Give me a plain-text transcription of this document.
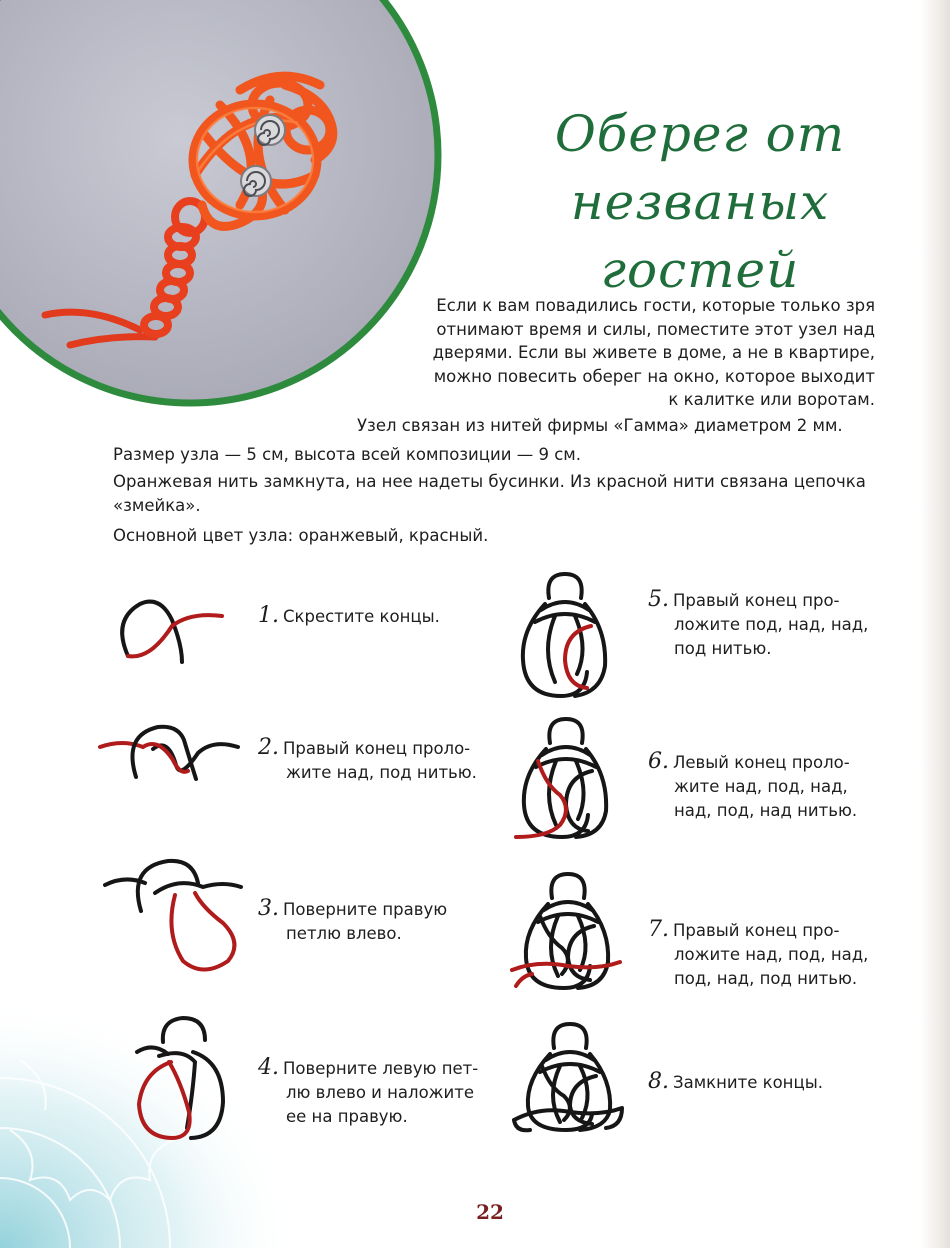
Оберег от
незваных гостей
Если к вам повадились гости, которые только зря
отнимают время и силы, поместите этот узел над
дверями. Если вы живете в доме, а не в квартире,
можно повесить оберег на окно, которое выходит
к калитке или воротам.
Узел связан из нитей фирмы «Гамма» диаметром 2 мм.
Размер узла — 5 см, высота всей композиции — 9 см.
Оранжевая нить замкнута, на нее надеты бусинки. Из красной нити связана цепочка
«змейка».
Основной цвет узла: оранжевый, красный.
1. Скрестите концы.
2. Правый конец проло-
жите над, под нитью.
3. Поверните правую
петлю влево.
4. Поверните левую пет-
лю влево и наложите
ее на правую.
5. Правый конец про-
ложите под, над, над,
под нитью.
6. Левый конец проло-
жите над, под, над,
над, под, над нитью.
7. Правый конец про-
ложите над, под, над,
под, над, под нитью.
8. Замкните концы.
22
